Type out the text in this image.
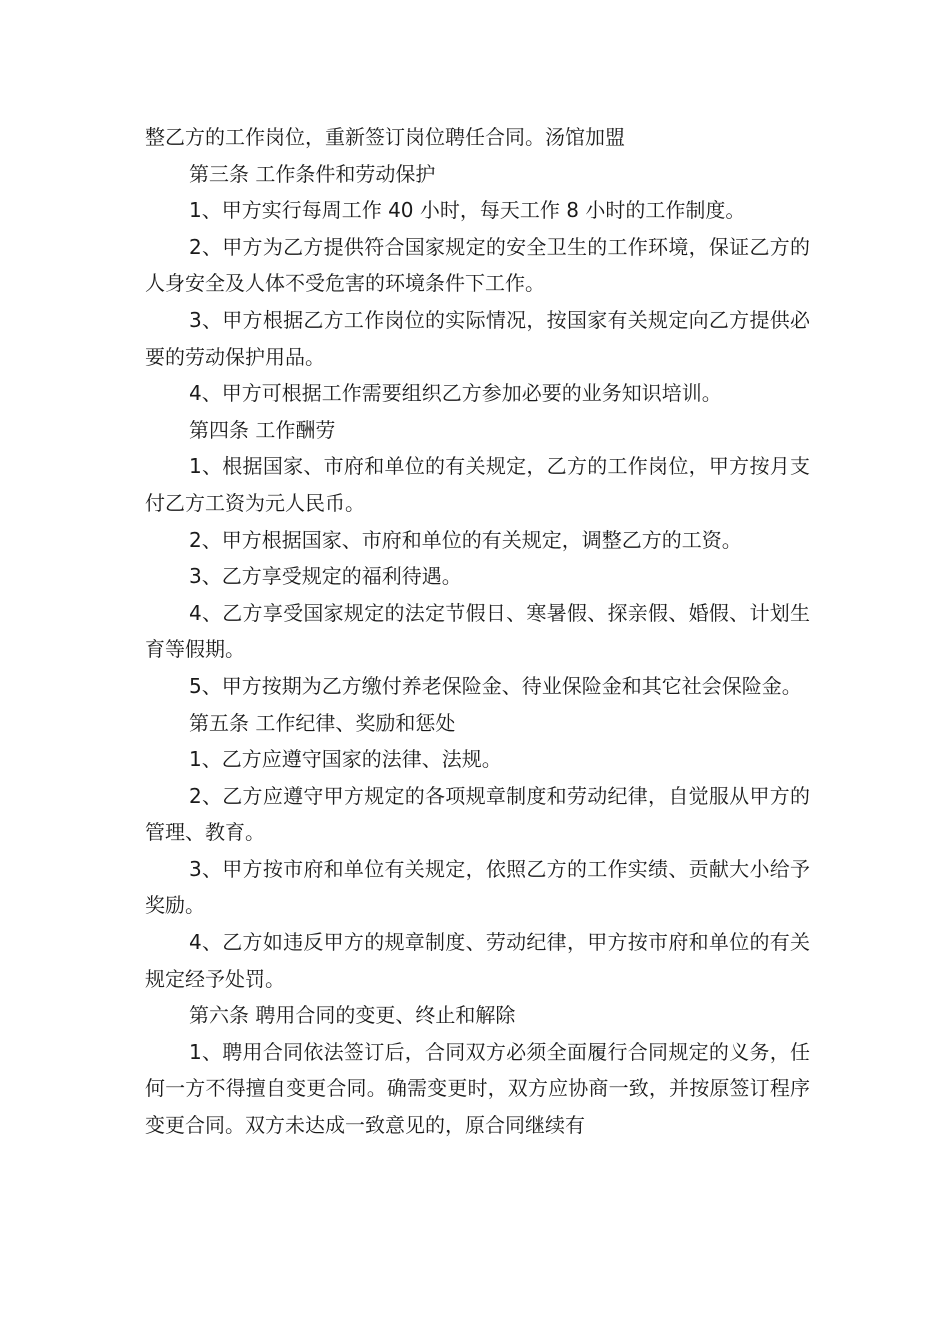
整乙方的工作岗位，重新签订岗位聘任合同。汤馆加盟

第三条 工作条件和劳动保护

1、甲方实行每周工作 40 小时，每天工作 8 小时的工作制度。

2、甲方为乙方提供符合国家规定的安全卫生的工作环境，保证乙方的人身安全及人体不受危害的环境条件下工作。

3、甲方根据乙方工作岗位的实际情况，按国家有关规定向乙方提供必要的劳动保护用品。

4、甲方可根据工作需要组织乙方参加必要的业务知识培训。

第四条 工作酬劳

1、根据国家、市府和单位的有关规定，乙方的工作岗位，甲方按月支付乙方工资为元人民币。

2、甲方根据国家、市府和单位的有关规定，调整乙方的工资。

3、乙方享受规定的福利待遇。

4、乙方享受国家规定的法定节假日、寒暑假、探亲假、婚假、计划生育等假期。

5、甲方按期为乙方缴付养老保险金、待业保险金和其它社会保险金。

第五条 工作纪律、奖励和惩处

1、乙方应遵守国家的法律、法规。

2、乙方应遵守甲方规定的各项规章制度和劳动纪律，自觉服从甲方的管理、教育。

3、甲方按市府和单位有关规定，依照乙方的工作实绩、贡献大小给予奖励。

4、乙方如违反甲方的规章制度、劳动纪律，甲方按市府和单位的有关规定经予处罚。

第六条 聘用合同的变更、终止和解除

1、聘用合同依法签订后，合同双方必须全面履行合同规定的义务，任何一方不得擅自变更合同。确需变更时，双方应协商一致，并按原签订程序变更合同。双方未达成一致意见的，原合同继续有
